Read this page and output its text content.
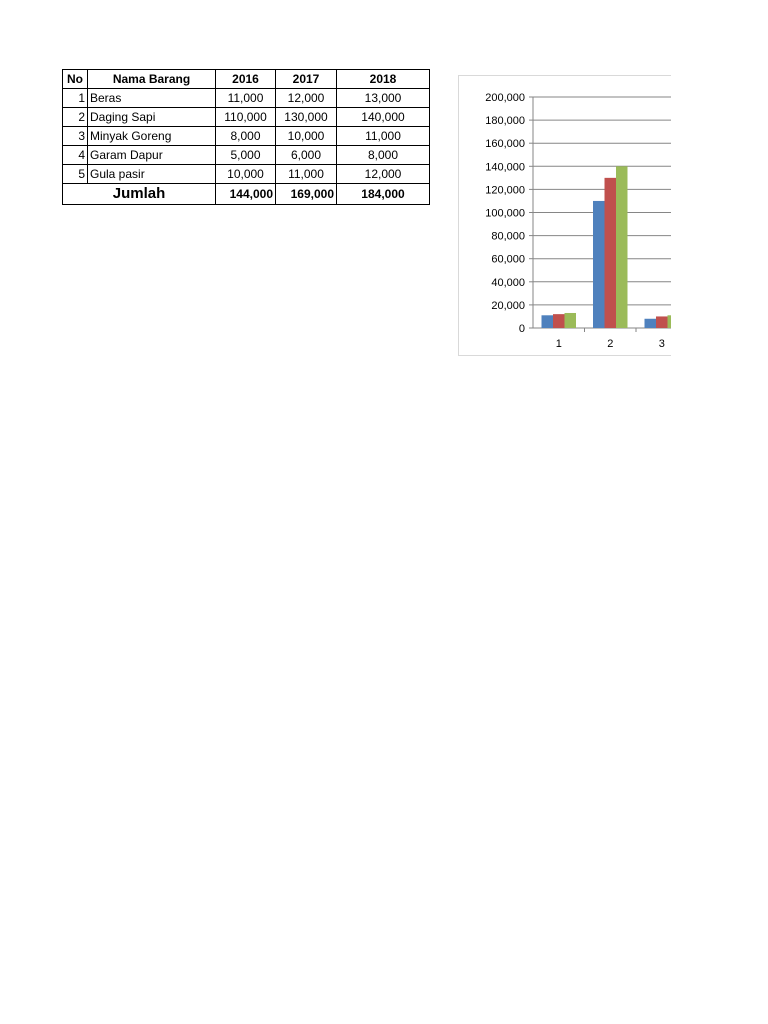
No	Nama Barang	2016	2017	2018
1	Beras	11,000	12,000	13,000
2	Daging Sapi	110,000	130,000	140,000
3	Minyak Goreng	8,000	10,000	11,000
4	Garam Dapur	5,000	6,000	8,000
5	Gula pasir	10,000	11,000	12,000
Jumlah		144,000	169,000	184,000
0
20,000
40,000
60,000
80,000
100,000
120,000
140,000
160,000
180,000
200,000
1	2	3
